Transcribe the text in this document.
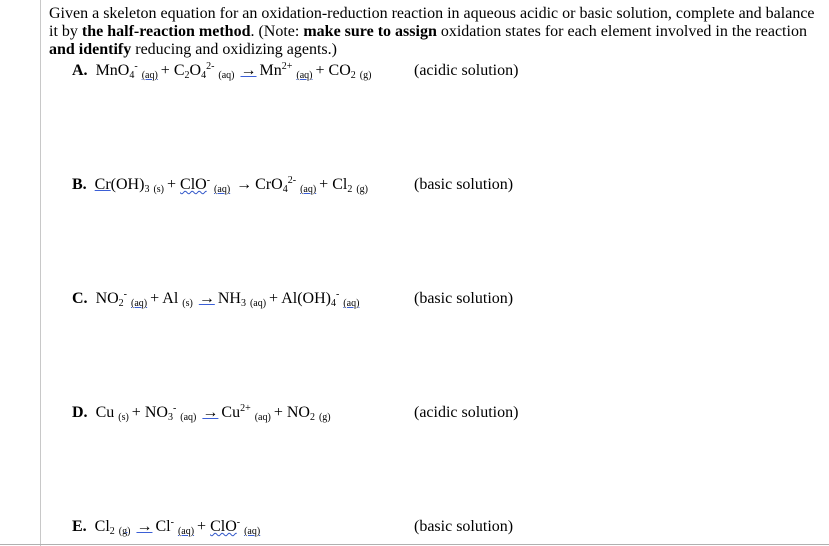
Given a skeleton equation for an oxidation-reduction reaction in aqueous acidic or basic solution, complete and balance it by the half-reaction method. (Note: make sure to assign oxidation states for each element involved in the reaction and identify reducing and oxidizing agents.)
A. $MnO_4^-(aq) + C_2O_4^{2-}(aq) \to Mn^{2+}(aq) + CO_2$ (g)	(acidic solution)
B. $Cr(OH)_3$ $(s) + ClO^-(aq) \to CrO_4^{2-}(aq) + Cl_2$ (g)	(basic solution)
C. $NO_2^-(aq) + Al$ $(s) \to NH_3$ $(aq) + Al(OH)_4^-(aq)$	(basic solution)
D. Cu $(s) + NO_3^-(aq) \to Cu^{2+}(aq) + NO_2$ (g)	(acidic solution)
E. $Cl_2$ (g) → Cl-(aq) + ClO-(aq)	(basic solution)
